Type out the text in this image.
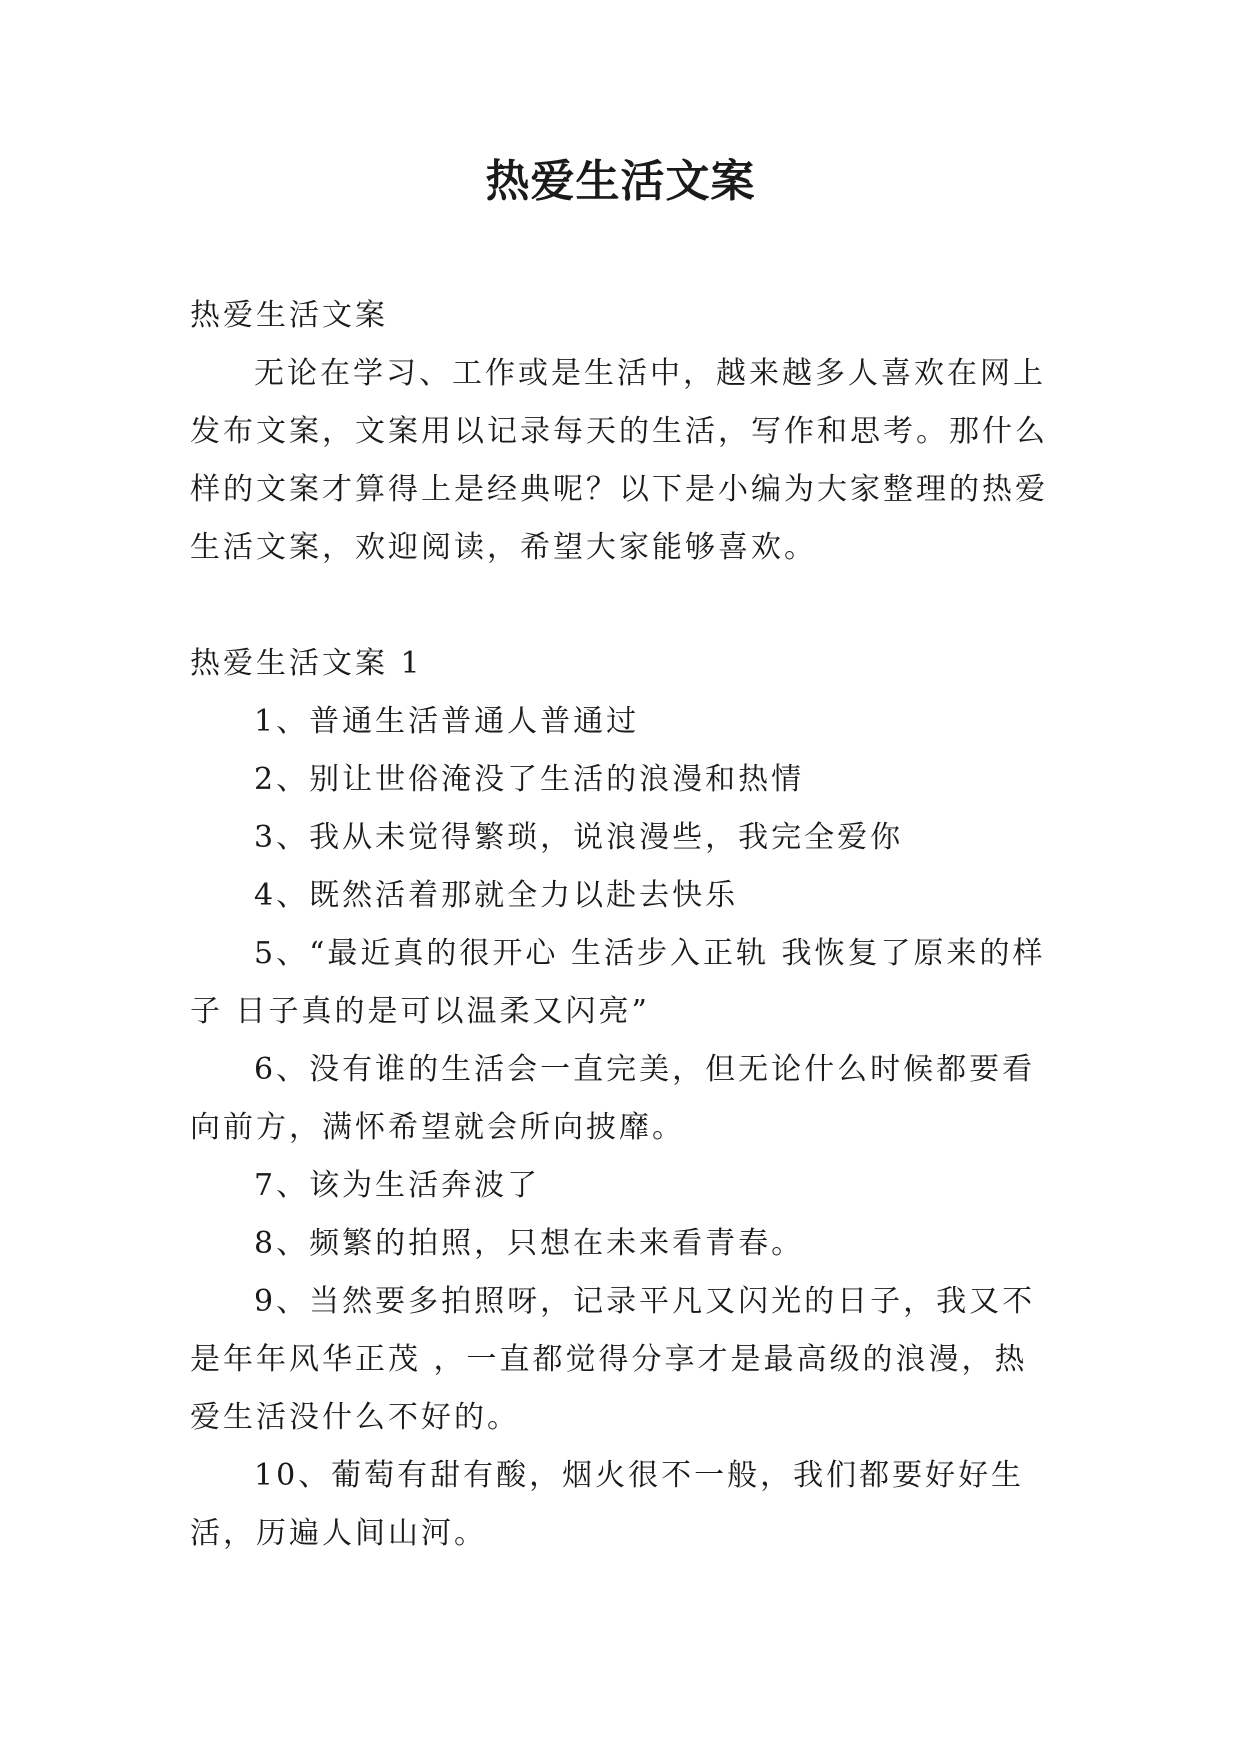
热爱生活文案

热爱生活文案

无论在学习、工作或是生活中，越来越多人喜欢在网上发布文案，文案用以记录每天的生活，写作和思考。那什么样的文案才算得上是经典呢？以下是小编为大家整理的热爱生活文案，欢迎阅读，希望大家能够喜欢。

热爱生活文案 1

1、普通生活普通人普通过

2、别让世俗淹没了生活的浪漫和热情

3、我从未觉得繁琐，说浪漫些，我完全爱你

4、既然活着那就全力以赴去快乐

5、“最近真的很开心 生活步入正轨 我恢复了原来的样子 日子真的是可以温柔又闪亮”

6、没有谁的生活会一直完美，但无论什么时候都要看向前方，满怀希望就会所向披靡。

7、该为生活奔波了

8、频繁的拍照，只想在未来看青春。

9、当然要多拍照呀，记录平凡又闪光的日子，我又不是年年风华正茂 ，一直都觉得分享才是最高级的浪漫，热爱生活没什么不好的。

10、葡萄有甜有酸，烟火很不一般，我们都要好好生活，历遍人间山河。
